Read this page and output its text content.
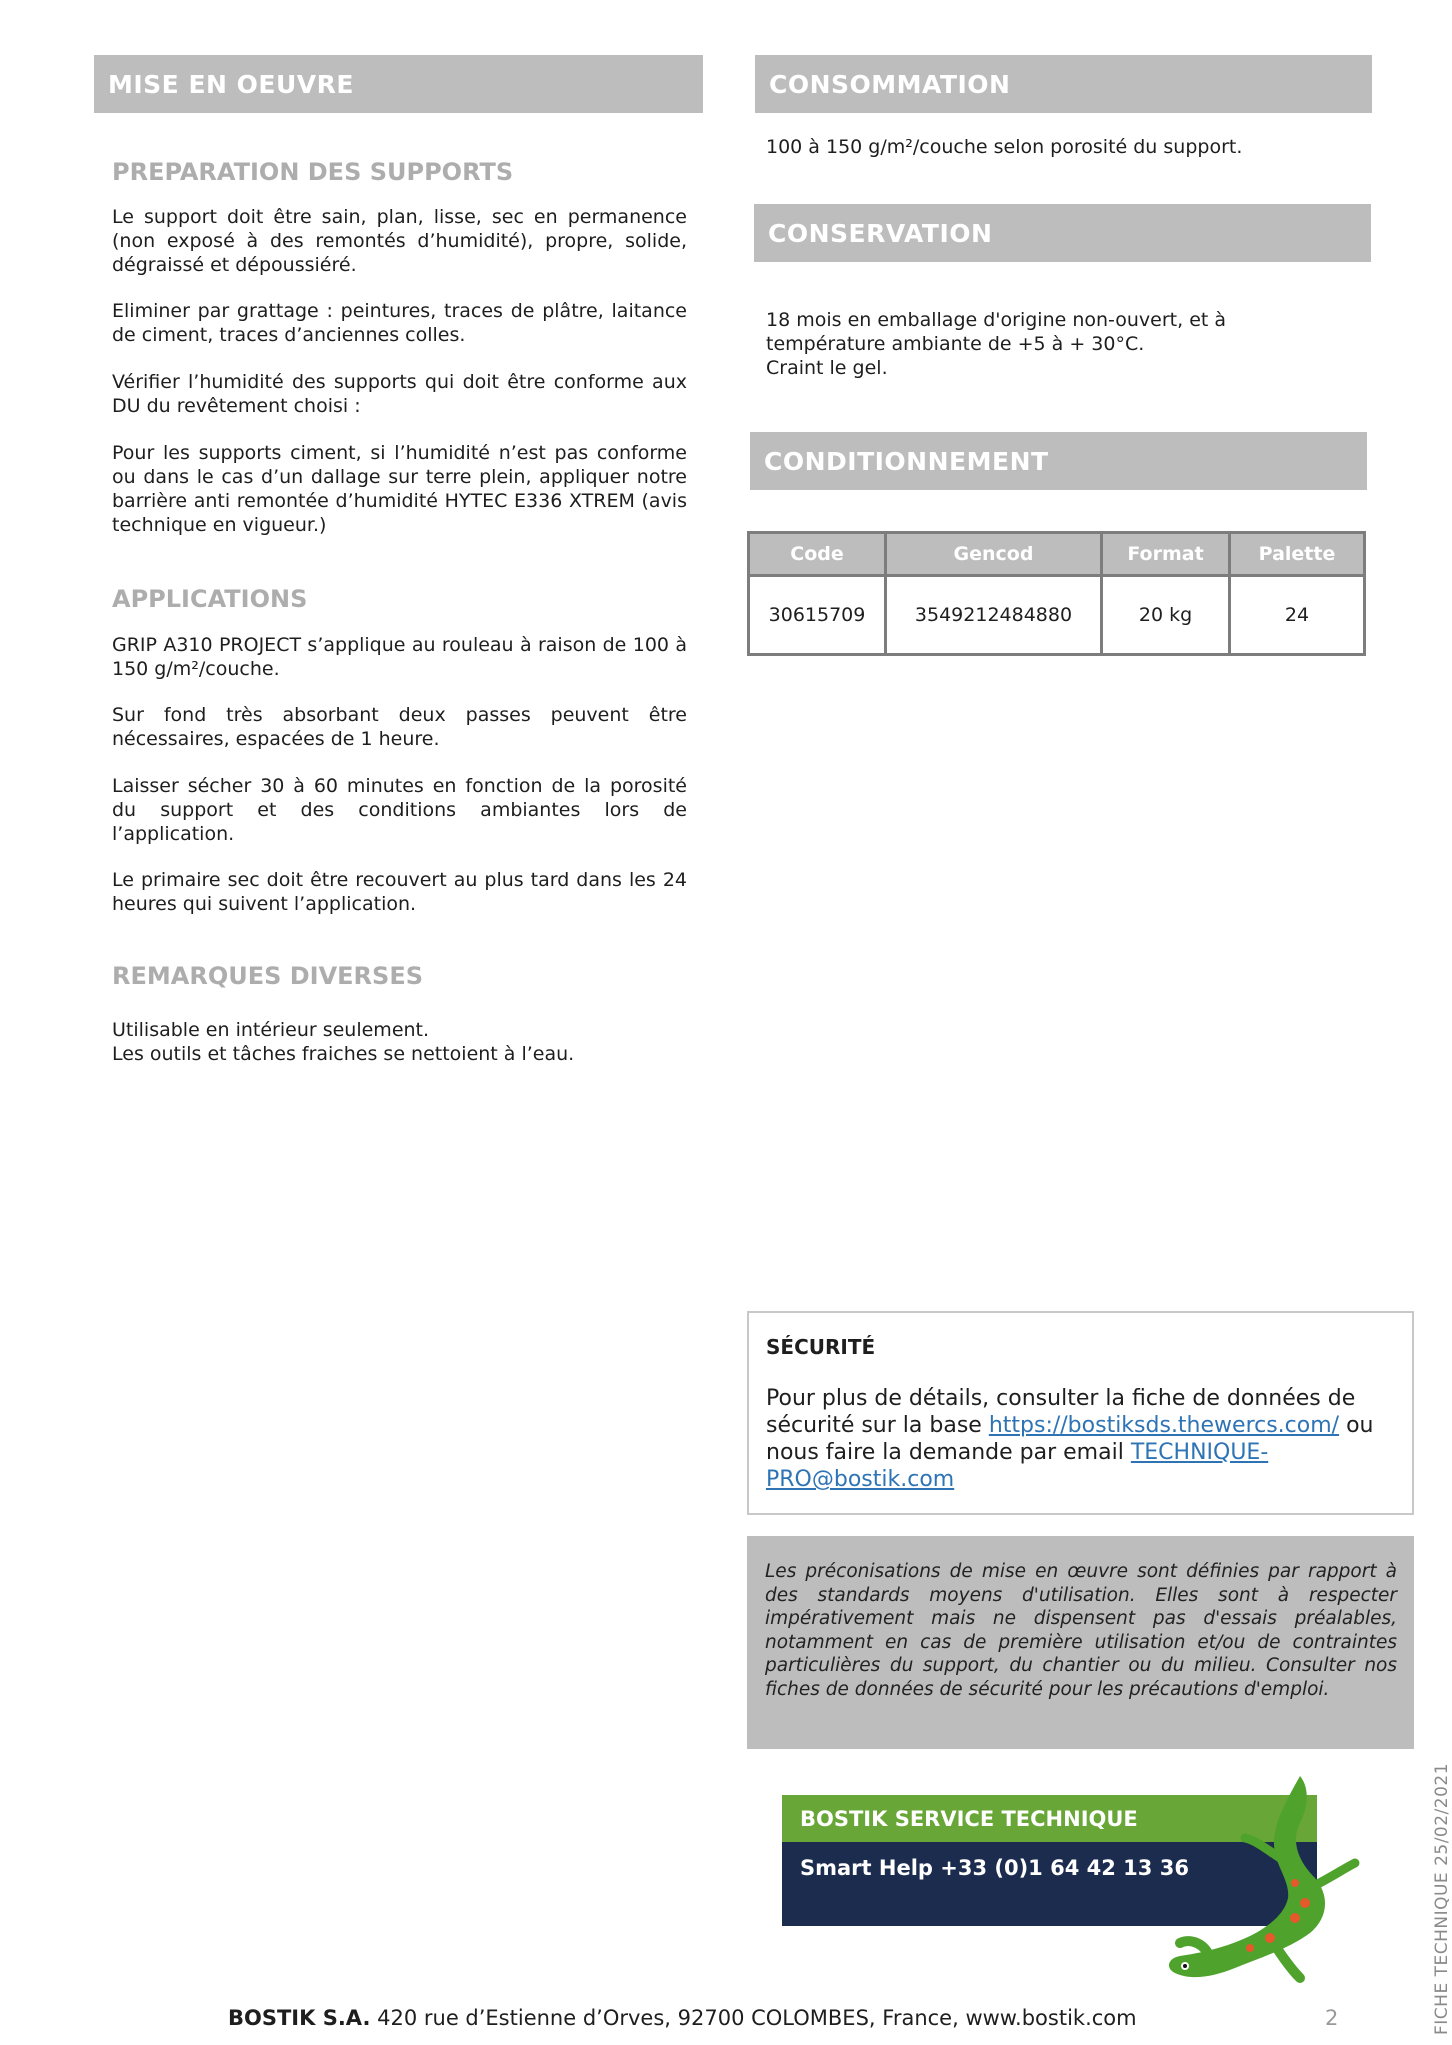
MISE EN OEUVRE
PREPARATION DES SUPPORTS

Le support doit être sain, plan, lisse, sec en permanence (non exposé à des remontés d’humidité), propre, solide, dégraissé et dépoussiéré.

Eliminer par grattage : peintures, traces de plâtre, laitance de ciment, traces d’anciennes colles.

Vérifier l’humidité des supports qui doit être conforme aux DU du revêtement choisi :

Pour les supports ciment, si l’humidité n’est pas conforme ou dans le cas d’un dallage sur terre plein, appliquer notre barrière anti remontée d’humidité HYTEC E336 XTREM (avis technique en vigueur.)

APPLICATIONS

GRIP A310 PROJECT s’applique au rouleau à raison de 100 à 150 g/m²/couche.

Sur fond très absorbant deux passes peuvent être nécessaires, espacées de 1 heure.

Laisser sécher 30 à 60 minutes en fonction de la porosité du support et des conditions ambiantes lors de l’application.

Le primaire sec doit être recouvert au plus tard dans les 24 heures qui suivent l’application.

REMARQUES DIVERSES

Utilisable en intérieur seulement.

Les outils et tâches fraiches se nettoient à l’eau.

CONSOMMATION

100 à 150 g/m²/couche selon porosité du support.

CONSERVATION

18 mois en emballage d'origine non-ouvert, et à

température ambiante de +5 à + 30°C.

Craint le gel.

CONDITIONNEMENT
Code	Gencod	Format	Palette
30615709	3549212484880	20 kg	24
SÉCURITÉ
Pour plus de détails, consulter la fiche de données de sécurité sur la base https://bostiksds.thewercs.com/ ou nous faire la demande par email TECHNIQUE-PRO@bostik.com

Les préconisations de mise en œuvre sont définies par rapport à des standards moyens d'utilisation. Elles sont à respecter impérativement mais ne dispensent pas d'essais préalables, notamment en cas de première utilisation et/ou de contraintes particulières du support, du chantier ou du milieu. Consulter nos fiches de données de sécurité pour les précautions d'emploi.

BOSTIK SERVICE TECHNIQUE
Smart Help +33 (0)1 64 42 13 36	FICHE TECHNIQUE 25/02/2021
BOSTIK S.A. 420 rue d’Estienne d’Orves, 92700 COLOMBES, France, www.bostik.com	2
